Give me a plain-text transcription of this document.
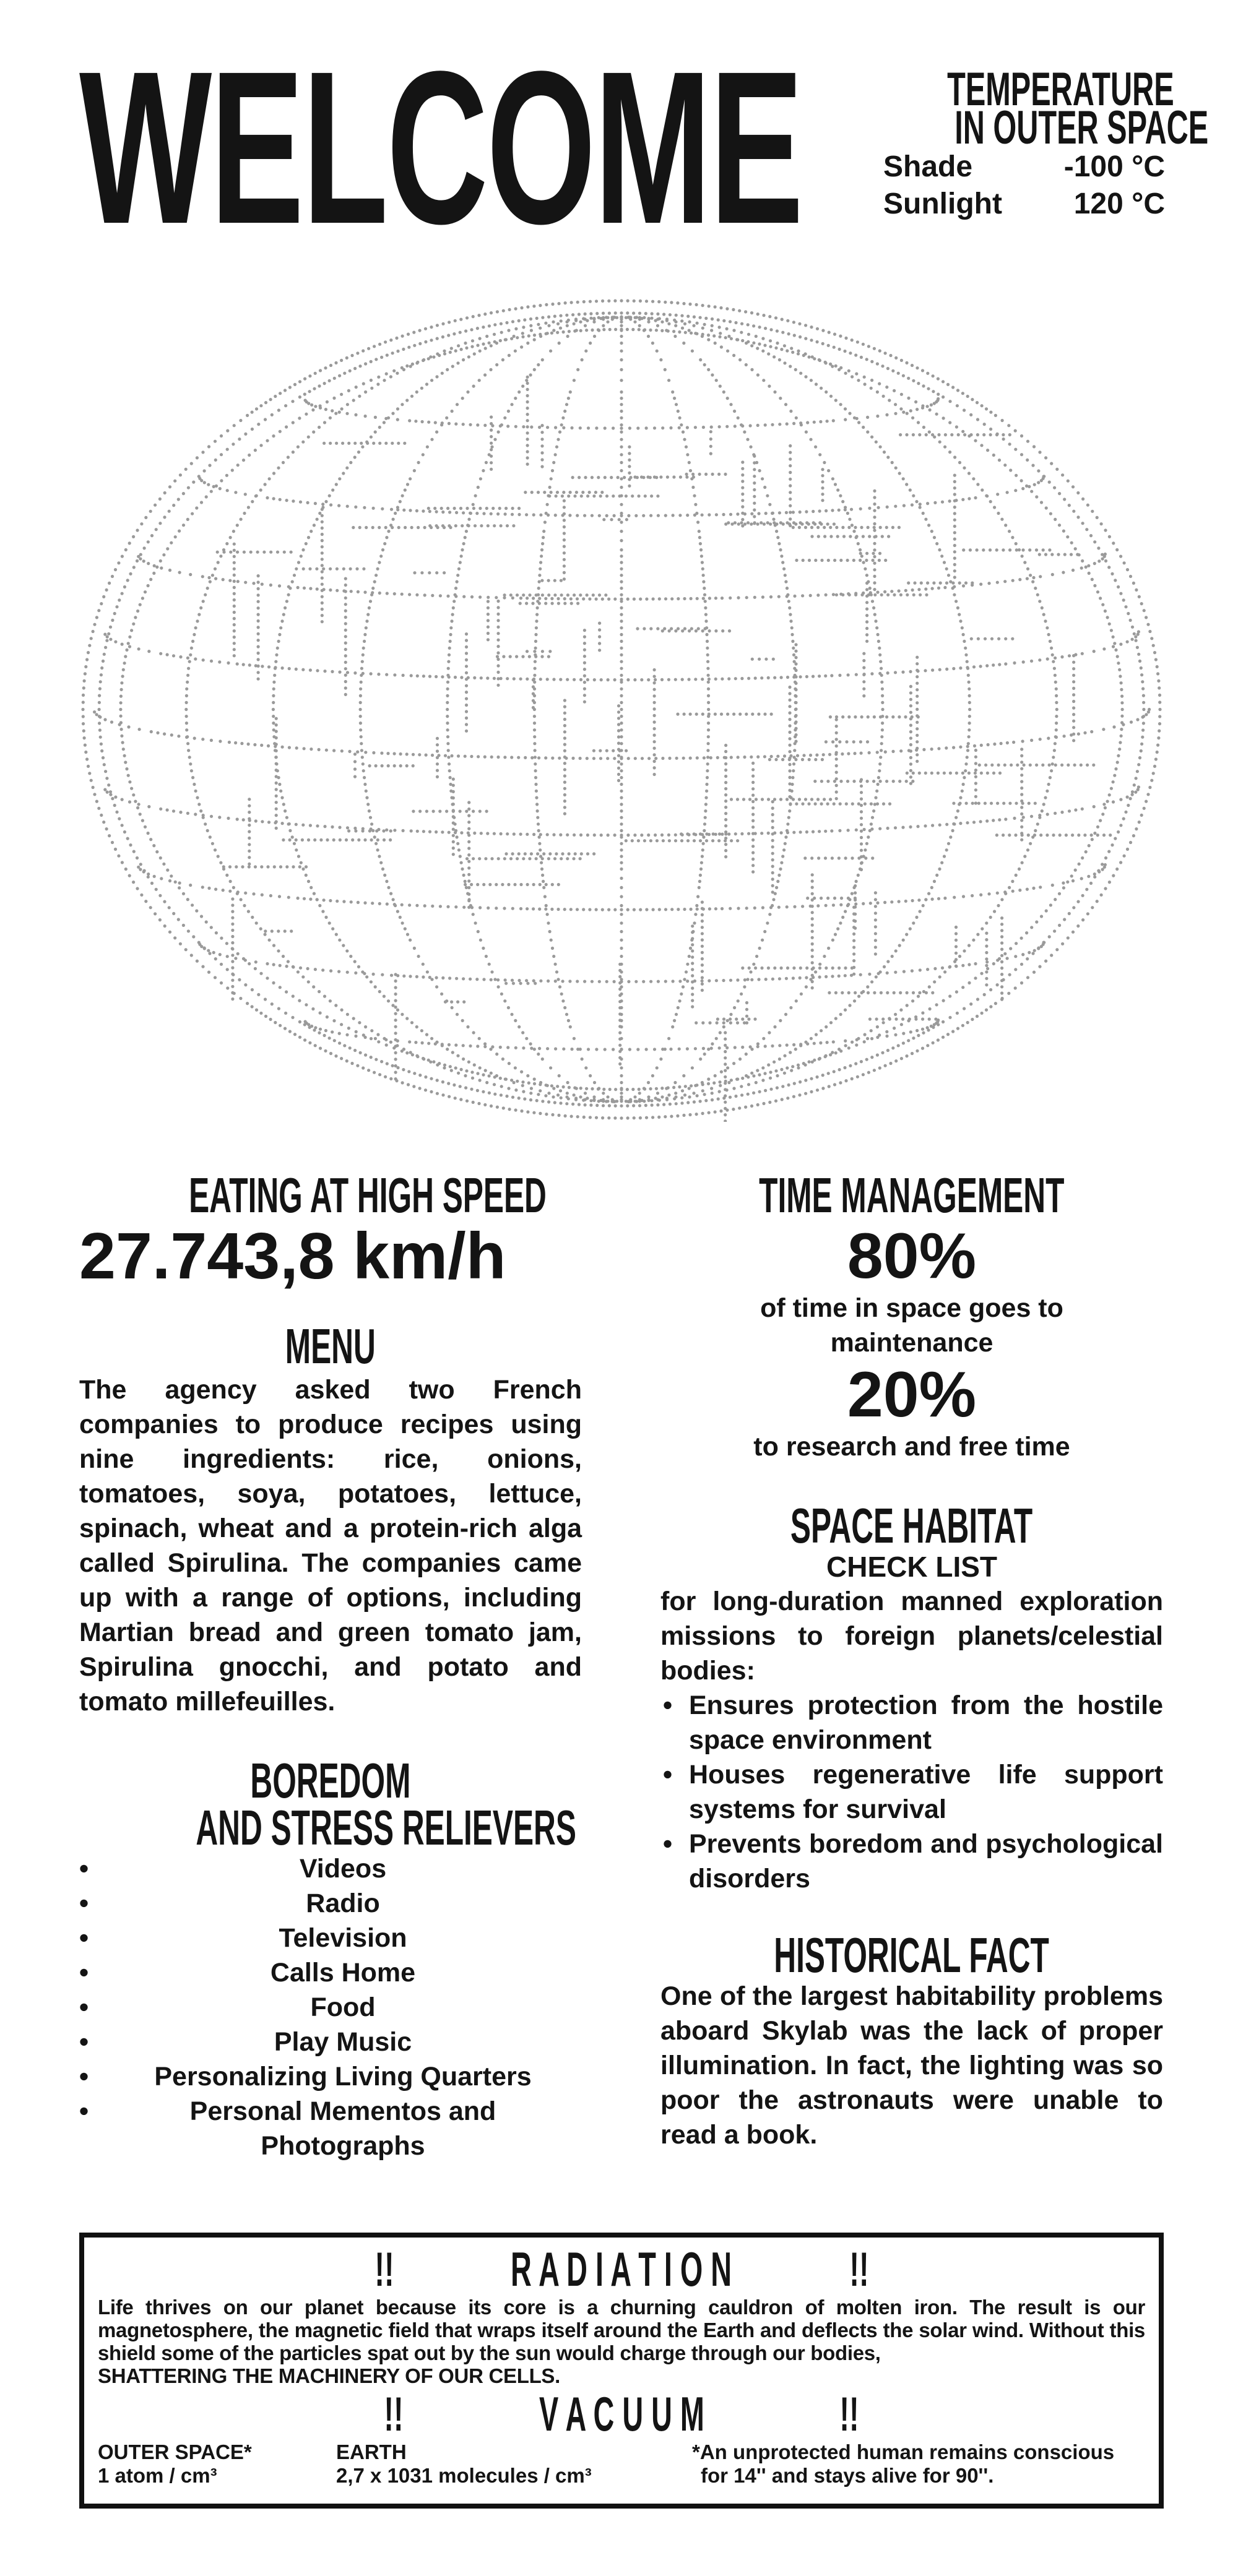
WELCOME	TEMPERATURE
IN OUTER SPACE
Shade	-100 °C
Sunlight 120 °C
EATING AT HIGH SPEED
27.743,8 km/h
MENU
The agency asked two French companies to produce recipes using nine ingredients: rice, onions, tomatoes, soya, potatoes, lettuce, spinach, wheat and a protein-rich alga called Spirulina. The companies came up with a range of options, including Martian bread and green tomato jam, Spirulina gnocchi, and potato and tomato millefeuilles.
BOREDOM
AND STRESS RELIEVERS
• Videos
• Radio
• Television
• Calls Home
• Food
• Play Music
• Personalizing Living Quarters
• Personal Mementos and Photographs
TIME MANAGEMENT
80%
of time in space goes to maintenance
20%
to research and free time
SPACE HABITAT
CHECK LIST
for long-duration manned exploration missions to foreign planets/celestial bodies:
• Ensures protection from the hostile space environment
• Houses regenerative life support systems for survival
• Prevents boredom and psychological disorders
HISTORICAL FACT
One of the largest habitability problems aboard Skylab was the lack of proper illumination. In fact, the lighting was so poor the astronauts were unable to read a book.
!! R A D I A T I O N !!
Life thrives on our planet because its core is a churning cauldron of molten iron. The result is our magnetosphere, the magnetic field that wraps itself around the Earth and deflects the solar wind. Without this shield some of the particles spat out by the sun would charge through our bodies,
SHATTERING THE MACHINERY OF OUR CELLS.
!!	V A C U U M	!!
OUTER SPACE*
1 atom / cm³
EARTH
2,7 x 1031 molecules / cm³
*An unprotected human remains conscious
for 14'' and stays alive for 90''.
